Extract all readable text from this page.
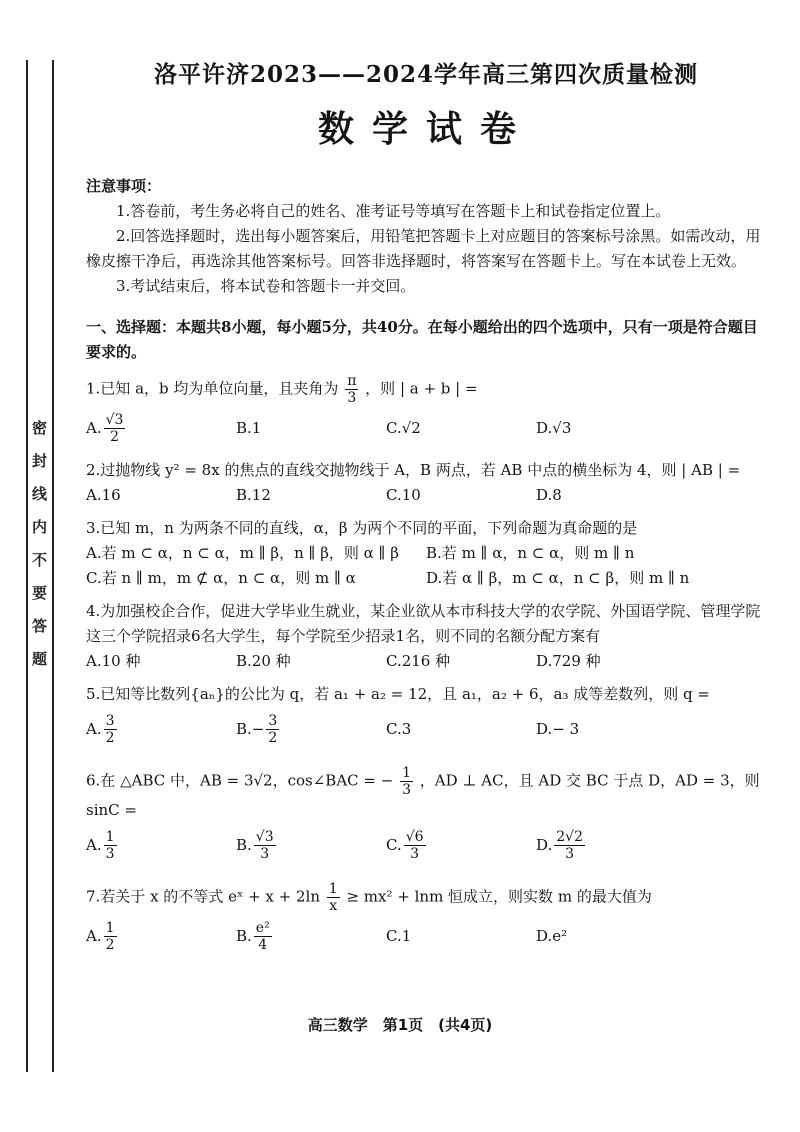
密封线内不要答题
洛平许济2023——2024学年高三第四次质量检测
数学试卷
注意事项：
1.答卷前，考生务必将自己的姓名、准考证号等填写在答题卡上和试卷指定位置上。
2.回答选择题时，选出每小题答案后，用铅笔把答题卡上对应题目的答案标号涂黑。如需改动，用橡皮擦干净后，再选涂其他答案标号。回答非选择题时，将答案写在答题卡上。写在本试卷上无效。
3.考试结束后，将本试卷和答题卡一并交回。
一、选择题：本题共8小题，每小题5分，共40分。在每小题给出的四个选项中，只有一项是符合题目要求的。
1.已知 a，b 均为单位向量，且夹角为 $\frac{\pi}{3}$ ，则 | a + b | =
A. $\frac{√3}{2}$	B. 1	C. √2	D. √3
2.过抛物线 y² = 8x 的焦点的直线交抛物线于 A，B 两点，若 AB 中点的横坐标为 4，则 | AB | =
A. 16	B. 12	C. 10	D. 8
3.已知 m，n 为两条不同的直线，α，β 为两个不同的平面，下列命题为真命题的是
A. 若 m ⊂ α，n ⊂ α，m ∥ β，n ∥ β，则 α ∥ β B. 若 m ∥ α，n ⊂ α，则 m ∥ n
C. 若 n ∥ m，m ⊄ α，n ⊂ α，则 m ∥ α	D. 若 α ∥ β，m ⊂ α，n ⊂ β，则 m ∥ n
4.为加强校企合作，促进大学毕业生就业，某企业欲从本市科技大学的农学院、外国语学院、管理学院这三个学院招录6名大学生，每个学院至少招录1名，则不同的名额分配方案有
A. 10 种	B. 20 种	C. 216 种	D. 729 种
5.已知等比数列{aₙ}的公比为 q，若 a₁ + a₂ = 12，且 a₁，a₂ + 6，a₃ 成等差数列，则 q =
A. $\frac{3}{2}$	B. − $\frac{3}{2}$	C. 3	D. − 3
6.在 △ABC 中，AB = 3√2，cos∠BAC = − $\frac{1}{3}$ ，AD ⊥ AC，且 AD 交 BC 于点 D，AD = 3，则 sinC =
A. $\frac{1}{3}$	B. $\frac{√3}{3}$	C. $\frac{√6}{3}$	D. $\frac{2√2}{3}$
7.若关于 x 的不等式 eˣ + $x + 2\ln \frac{1}{x} \ge mx^2 + \ln m$ 恒成立，则实数 m 的最大值为
A. $\frac{1}{2}$	B. $\frac{\text{e²}}{4}$	C. 1	D. e²
高三数学　第1页　(共4页)
